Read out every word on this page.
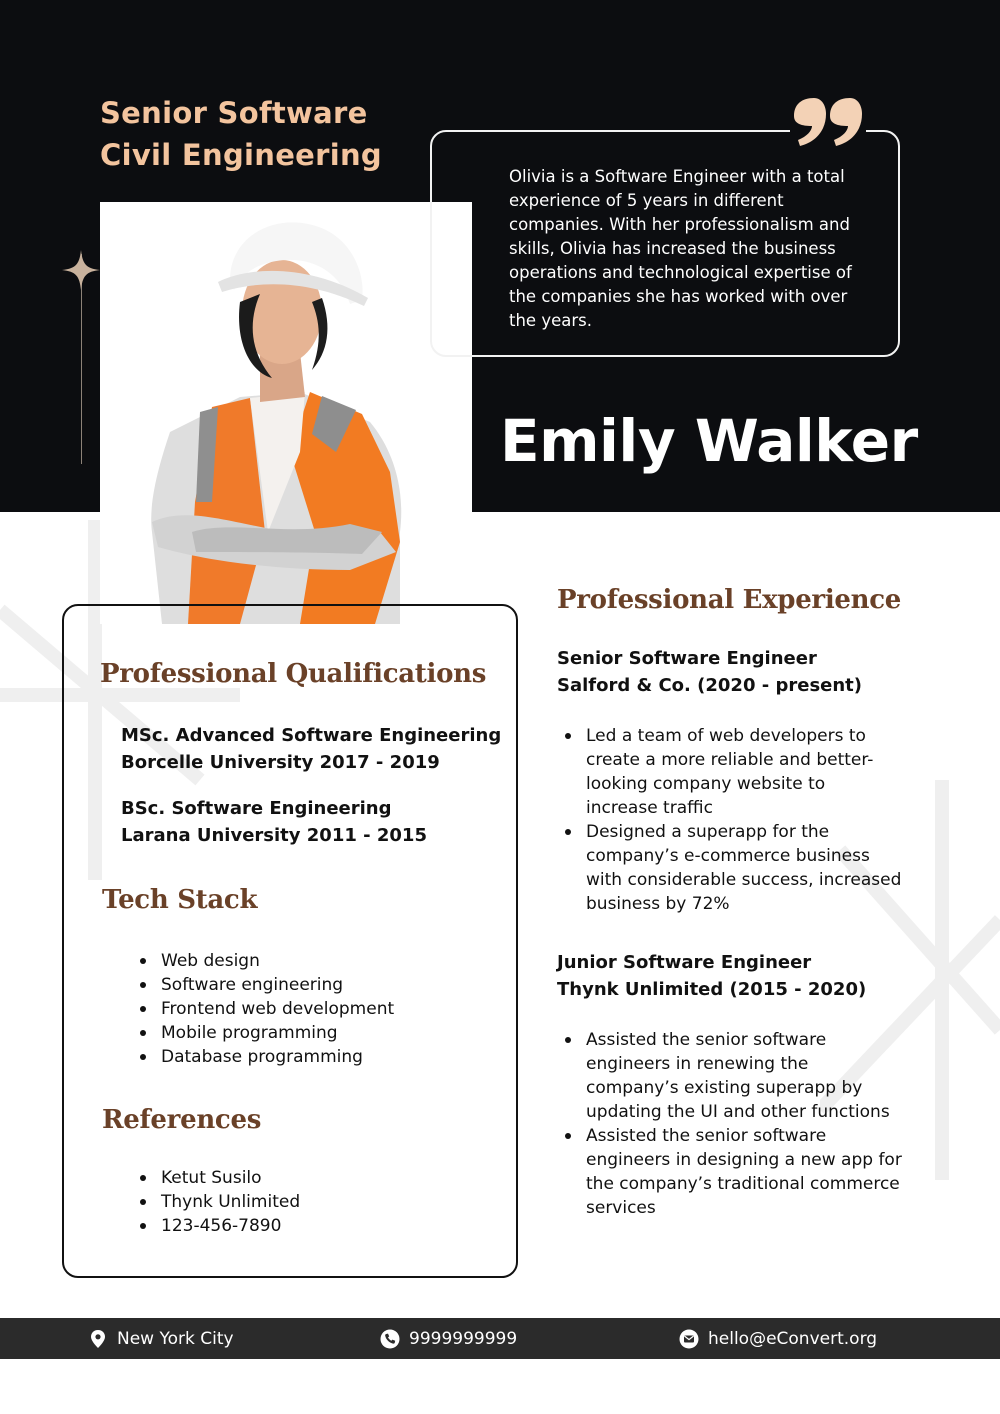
Senior Software
Civil Engineering
Olivia is a Software Engineer with a total experience of 5 years in different companies. With her professionalism and skills, Olivia has increased the business operations and technological expertise of the companies she has worked with over the years.
Emily Walker
Professional Qualifications
MSc. Advanced Software Engineering
Borcelle University 2017 - 2019
BSc. Software Engineering
Larana University 2011 - 2015
Tech Stack
Web design
Software engineering
Frontend web development
Mobile programming
Database programming
References
Ketut Susilo
Thynk Unlimited
123-456-7890
Professional Experience
Senior Software Engineer
Salford & Co. (2020 - present)
Led a team of web developers to create a more reliable and better-looking company website to increase traffic
Designed a superapp for the company’s e-commerce business with considerable success, increased business by 72%
Junior Software Engineer
Thynk Unlimited (2015 - 2020)
Assisted the senior software engineers in renewing the company’s existing superapp by updating the UI and other functions
Assisted the senior software engineers in designing a new app for the company’s traditional commerce services
New York City	9999999999	hello@eConvert.org
